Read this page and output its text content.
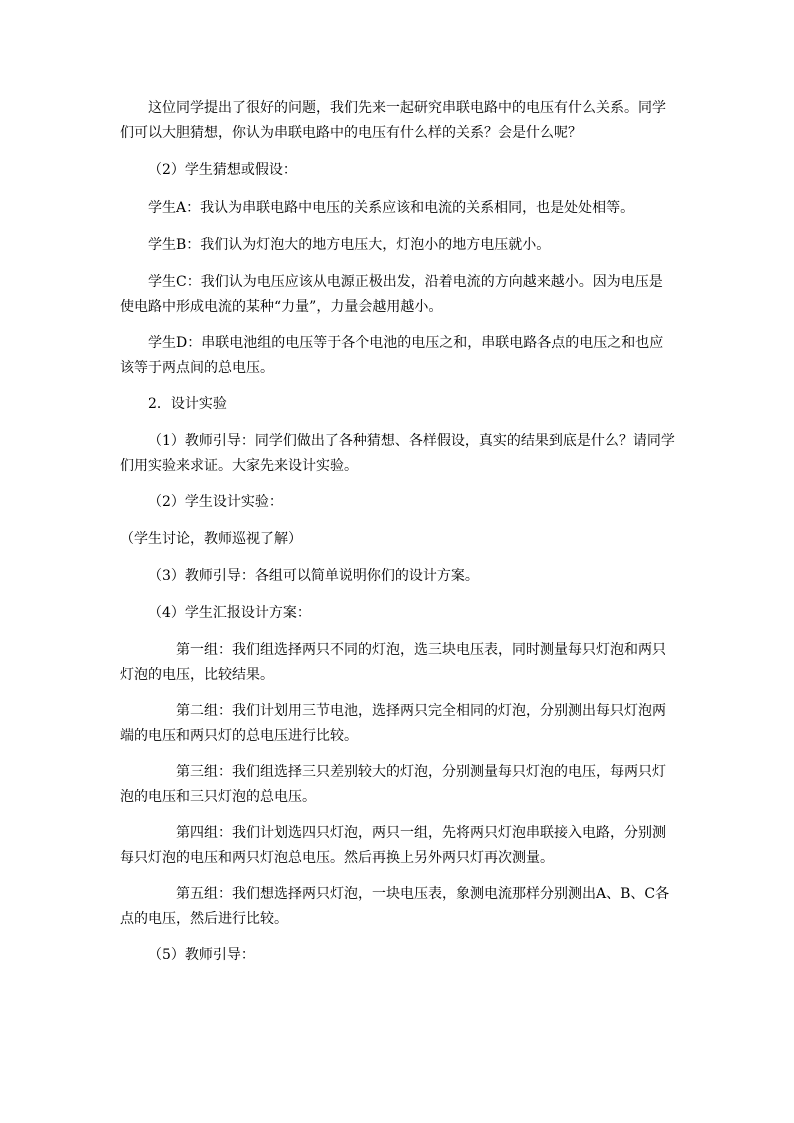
这位同学提出了很好的问题，我们先来一起研究串联电路中的电压有什么关系。同学们可以大胆猜想，你认为串联电路中的电压有什么样的关系？会是什么呢？

（2）学生猜想或假设：

学生A：我认为串联电路中电压的关系应该和电流的关系相同，也是处处相等。

学生B：我们认为灯泡大的地方电压大，灯泡小的地方电压就小。

学生C：我们认为电压应该从电源正极出发，沿着电流的方向越来越小。因为电压是使电路中形成电流的某种“力量”，力量会越用越小。

学生D：串联电池组的电压等于各个电池的电压之和，串联电路各点的电压之和也应该等于两点间的总电压。

2．设计实验

（1）教师引导：同学们做出了各种猜想、各样假设，真实的结果到底是什么？请同学们用实验来求证。大家先来设计实验。

（2）学生设计实验：

（学生讨论，教师巡视了解）

（3）教师引导：各组可以简单说明你们的设计方案。

（4）学生汇报设计方案：

第一组：我们组选择两只不同的灯泡，选三块电压表，同时测量每只灯泡和两只灯泡的电压，比较结果。

第二组：我们计划用三节电池，选择两只完全相同的灯泡，分别测出每只灯泡两端的电压和两只灯的总电压进行比较。

第三组：我们组选择三只差别较大的灯泡，分别测量每只灯泡的电压，每两只灯泡的电压和三只灯泡的总电压。

第四组：我们计划选四只灯泡，两只一组，先将两只灯泡串联接入电路，分别测每只灯泡的电压和两只灯泡总电压。然后再换上另外两只灯再次测量。

第五组：我们想选择两只灯泡，一块电压表，象测电流那样分别测出A、B、C各点的电压，然后进行比较。

（5）教师引导：
